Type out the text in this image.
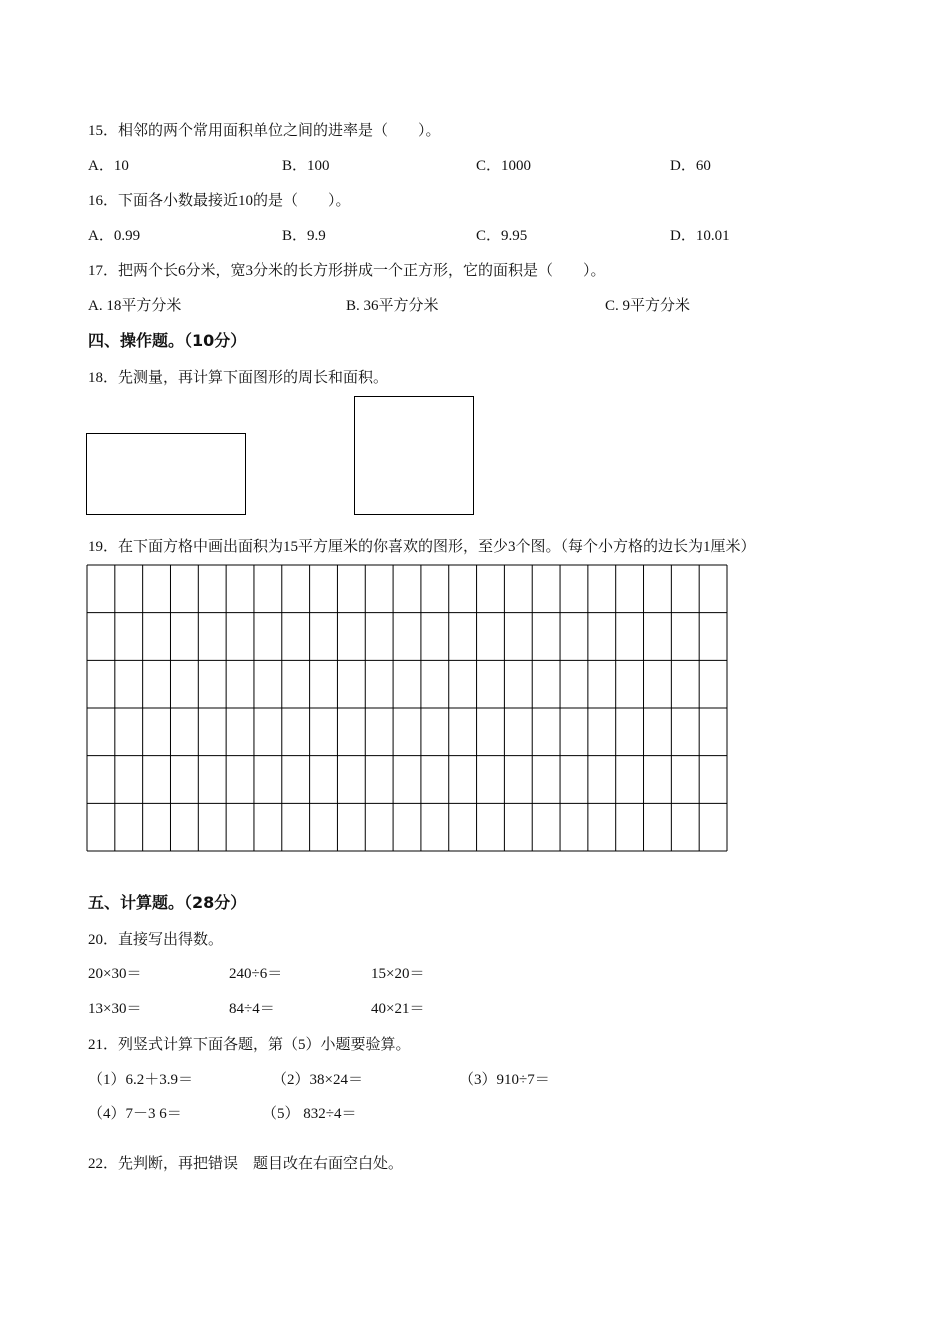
15．相邻的两个常用面积单位之间的进率是（　　）。
A．10	B．100	C．1000	D．60
16．下面各小数最接近10的是（　　）。
A．0.99	B．9.9	C．9.95	D．10.01
17．把两个长6分米，宽3分米的长方形拼成一个正方形，它的面积是（　　）。
A. 18平方分米	B. 36平方分米	C. 9平方分米
四、操作题。（10分）
18．先测量，再计算下面图形的周长和面积。
19．在下面方格中画出面积为15平方厘米的你喜欢的图形，至少3个图。（每个小方格的边长为1厘米）
五、计算题。（28分）
20．直接写出得数。
20×30＝	240÷6＝	15×20＝
13×30＝	84÷4＝	40×21＝
21．列竖式计算下面各题，第（5）小题要验算。
（1）6.2＋3.9＝	（2）38×24＝	（3）910÷7＝
（4）7－3 6＝	（5） 832÷4＝
22．先判断，再把错误　题目改在右面空白处。
